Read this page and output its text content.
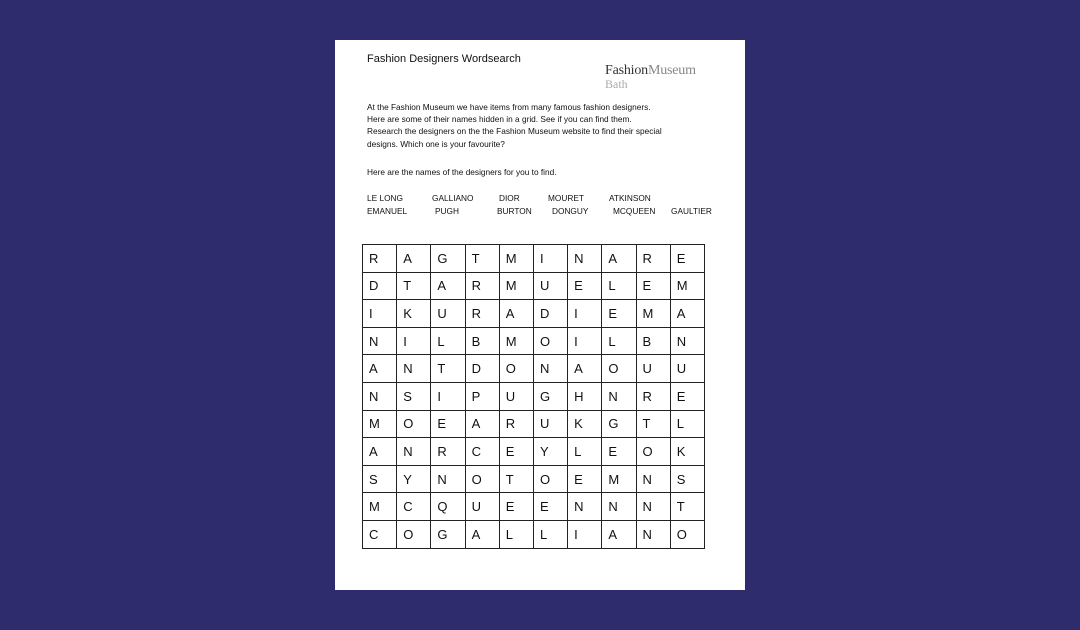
Fashion Designers Wordsearch
FashionMuseum
Bath

At the Fashion Museum we have items from many famous fashion designers.

Here are some of their names hidden in a grid. See if you can find them.

Research the designers on the the Fashion Museum website to find their special

designs. Which one is your favourite?

Here are the names of the designers for you to find.
LE LONG	GALLIANO	DIOR	MOURET	ATKINSON
EMANUEL	PUGH	BURTON DONGUY	MCQUEEN GAULTIER
R	A	G	T	M	I	N	A	R	E
D	T	A	R	M	U	E	L	E	M
I	K	U	R	A	D	I	E	M	A
N	I	L	B	M	O	I	L	B	N
A	N	T	D	O	N	A	O	U	U
N	S	I	P	U	G	H	N	R	E
M	O	E	A	R	U	K	G	T	L
A	N	R	C	E	Y	L	E	O	K
S	Y	N	O	T	O	E	M	N	S
M	C	Q	U	E	E	N	N	N	T
C	O	G	A	L	L	I	A	N	O
